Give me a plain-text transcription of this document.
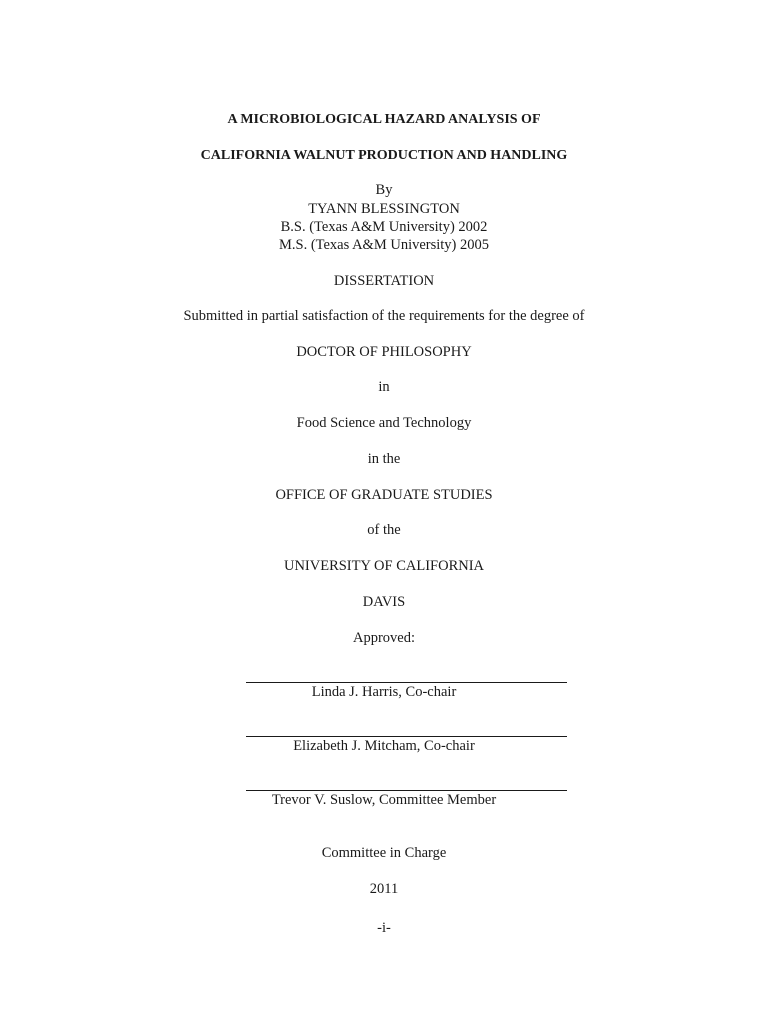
A MICROBIOLOGICAL HAZARD ANALYSIS OF
CALIFORNIA WALNUT PRODUCTION AND HANDLING
By
TYANN BLESSINGTON
B.S. (Texas A&M University) 2002
M.S. (Texas A&M University) 2005
DISSERTATION
Submitted in partial satisfaction of the requirements for the degree of
DOCTOR OF PHILOSOPHY
in
Food Science and Technology
in the
OFFICE OF GRADUATE STUDIES
of the
UNIVERSITY OF CALIFORNIA
DAVIS
Approved:
Linda J. Harris, Co-chair
Elizabeth J. Mitcham, Co-chair
Trevor V. Suslow, Committee Member
Committee in Charge
2011
-i-
